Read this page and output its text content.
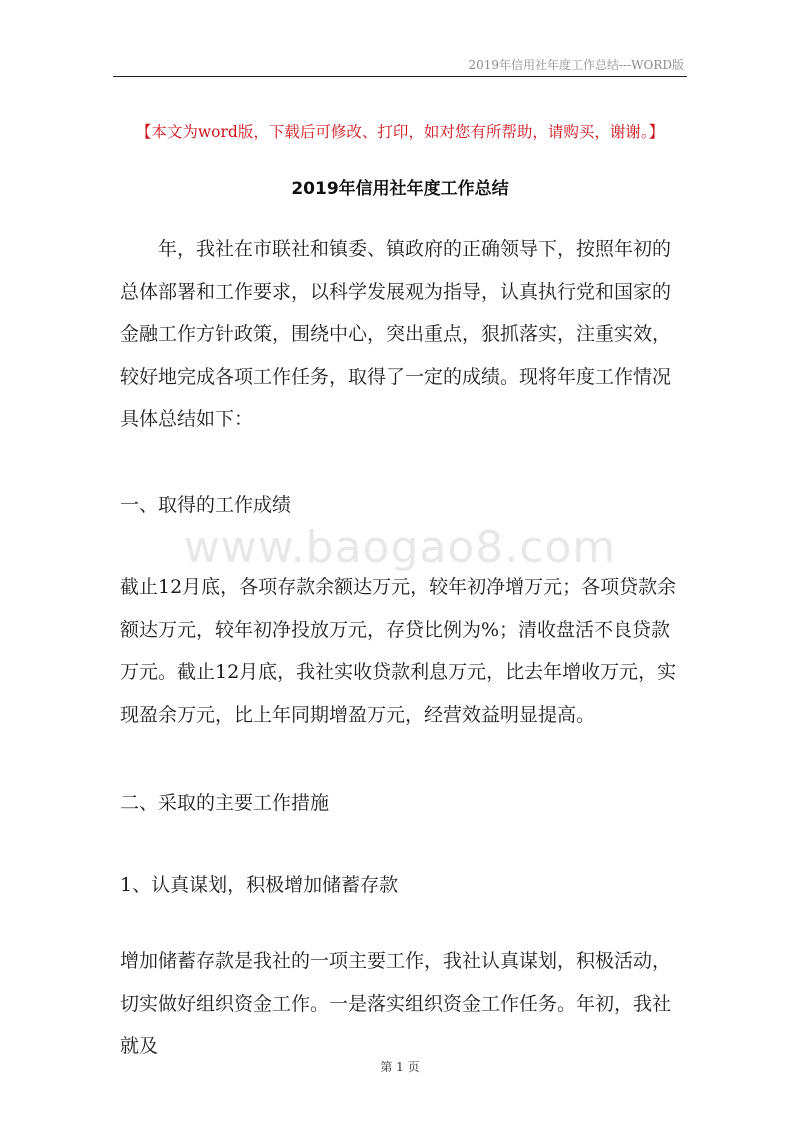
2019年信用社年度工作总结---WORD版
【本文为word版，下载后可修改、打印，如对您有所帮助，请购买，谢谢。】
2019年信用社年度工作总结
年，我社在市联社和镇委、镇政府的正确领导下，按照年初的总体部署和工作要求，以科学发展观为指导，认真执行党和国家的金融工作方针政策，围绕中心，突出重点，狠抓落实，注重实效，较好地完成各项工作任务，取得了一定的成绩。现将年度工作情况具体总结如下：
一、取得的工作成绩
www.baogao8.com
截止12月底，各项存款余额达万元，较年初净增万元；各项贷款余额达万元，较年初净投放万元，存贷比例为%；清收盘活不良贷款万元。截止12月底，我社实收贷款利息万元，比去年增收万元，实现盈余万元，比上年同期增盈万元，经营效益明显提高。
二、采取的主要工作措施
1、认真谋划，积极增加储蓄存款
增加储蓄存款是我社的一项主要工作，我社认真谋划，积极活动，切实做好组织资金工作。一是落实组织资金工作任务。年初，我社就及
第 1 页
